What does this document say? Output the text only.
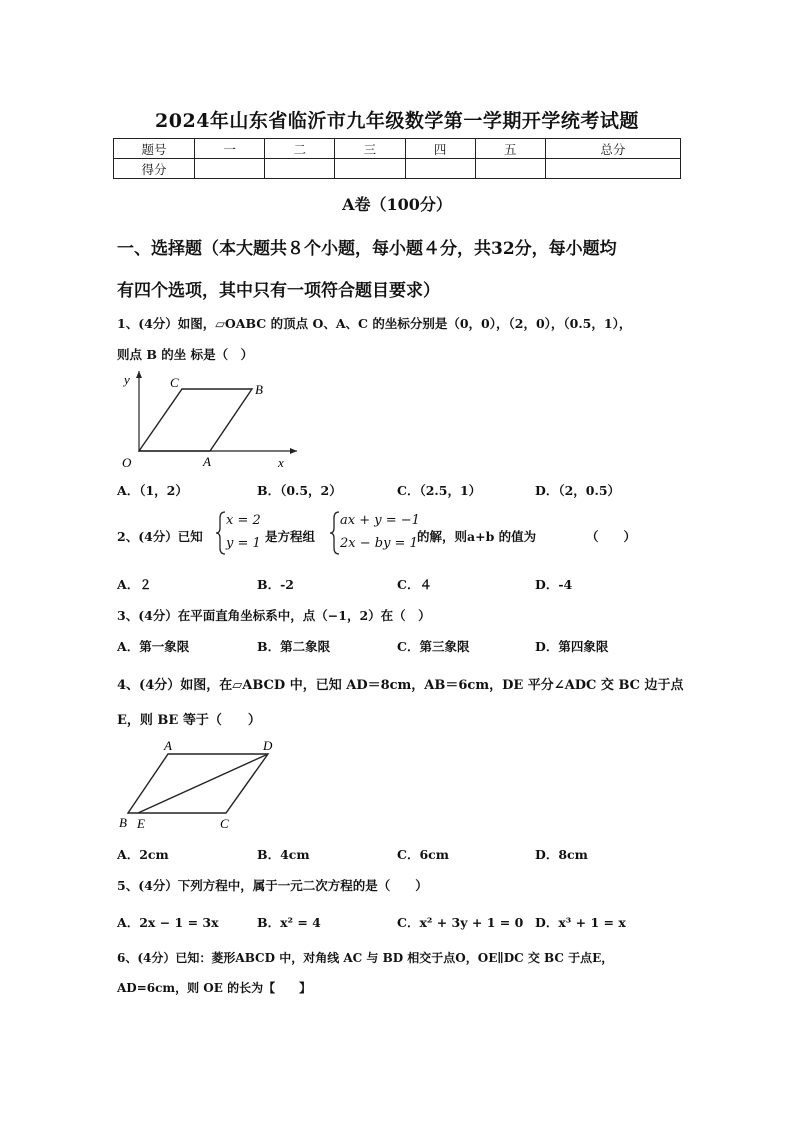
2024年山东省临沂市九年级数学第一学期开学统考试题
题号	一	二	三	四	五	总分
得分						
A卷（100分）
一、选择题（本大题共８个小题，每小题４分，共32分，每小题均
有四个选项，其中只有一项符合题目要求）
1、(4分）如图，▱OABC 的顶点 O、A、C 的坐标分别是（0，0），（2，0），（0.5，1），
则点 B 的坐 标是（　）
y	C	B
O	A	x
A．（1，2）	B．（0.5，2）	C．（2.5，1）	D．（2，0.5）
2、(4分）已知
x = 2
y = 1 是方程组
ax + y = −1
2x − by = 1 的解，则a+b 的值为	（　　）
A．２	B．-2	C．４	D．-4
3、(4分）在平面直角坐标系中，点（−1，2）在（　）
A．第一象限	B．第二象限	C．第三象限	D．第四象限
4、(4分）如图，在▱ABCD 中，已知 AD＝8cm，AB＝6cm，DE 平分∠ADC 交 BC 边于点
E，则 BE 等于（　　）
A	D
B E	C
A．2cm	B．4cm	C．6cm	D．8cm
5、(4分）下列方程中，属于一元二次方程的是（　　）
A．2x − 1 = 3x	B．x² = 4	C．x² + 3y + 1 = 0 D．x³ + 1 = x
6、(4分）已知：菱形ABCD 中，对角线 AC 与 BD 相交于点O，OE∥DC 交 BC 于点E，
AD=6cm，则 OE 的长为【　　】
